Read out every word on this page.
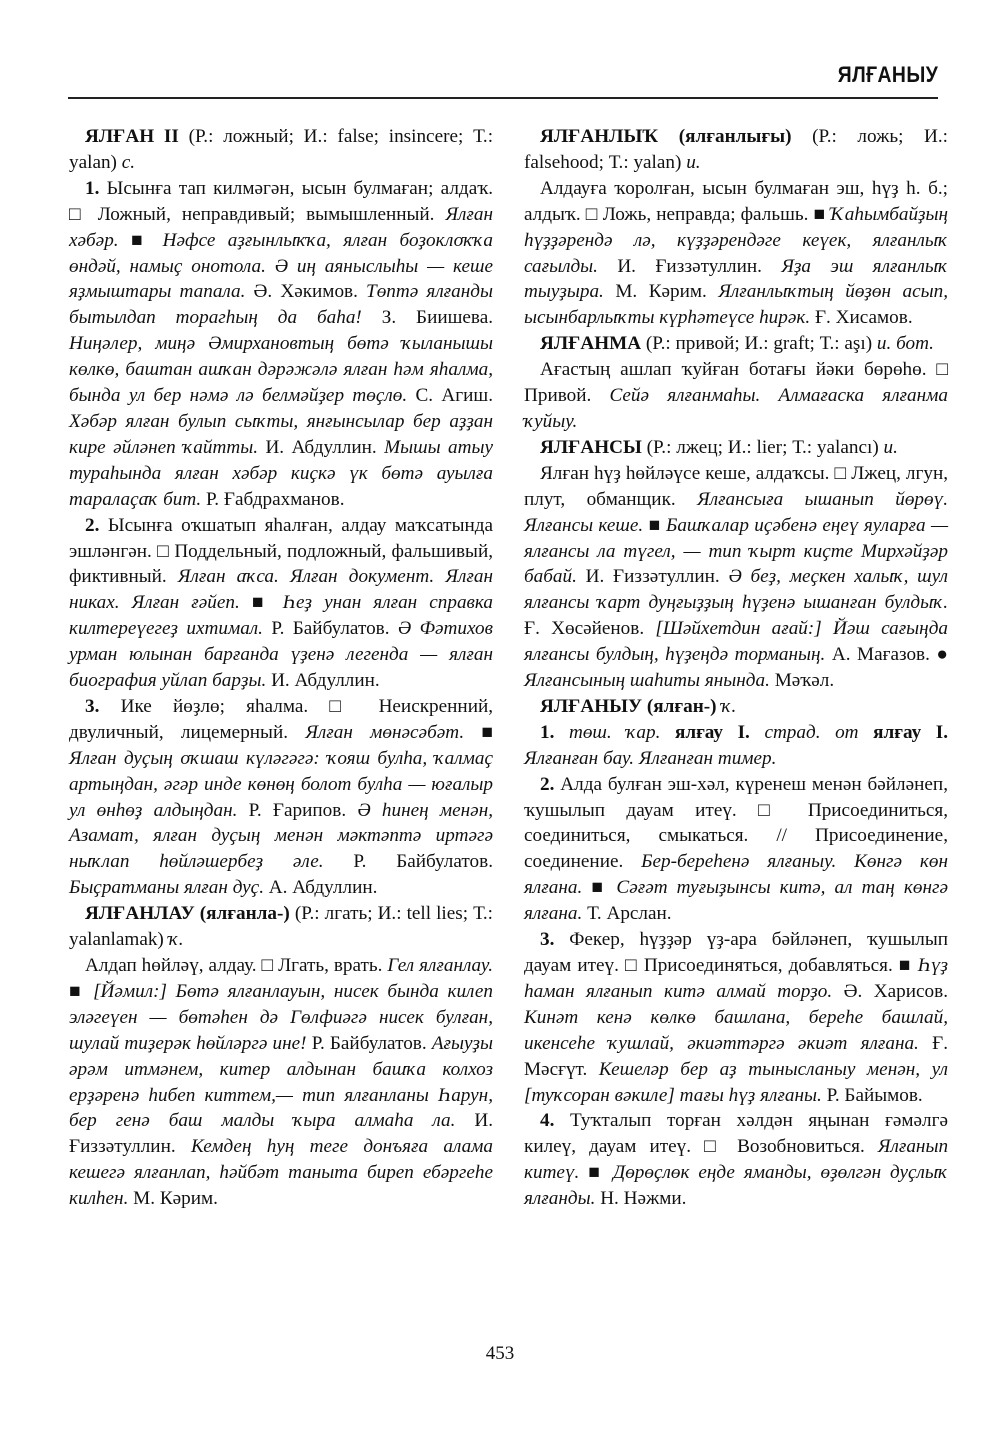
ЯЛҒАНЫУ

ЯЛҒАН II (Р.: ложный; И.: false; insincere; Т.: yalan) с.

1. Ысынға тап килмәгән, ысын булмаған; алдаҡ. □ Ложный, неправдивый; вымышленный. Ялған хәбәр. ■ Нәфсе аҙғынлыҡҡа, ялған боҙоклоҡҡа өндәй, намыҫ онотола. Ә иң аяныслыһы — кеше яҙмыштары тапала. Ә. Хәкимов. Төптә ялғанды бытылдап торагһың да баһа! З. Биишева. Ниңәлер, миңә Әмирхановтың бөтә ҡыланышы көлкө, баштан ашҡан дәрәжәлә ялған һәм яһалма, бында ул бер нәмә лә белмәйҙер төҫлө. С. Агиш. Хәбәр ялған булып сыҡты, янғынсылар бер аҙҙан кире әйләнеп ҡайтты. И. Абдуллин. Мышы атыу тураһында ялған хәбәр киҫкә үк бөтә ауылға таралаҫаҡ бит. Р. Ғабдрахманов.

2. Ысынға оҡшатып яһалған, алдау маҡсатында эшләнгән. □ Поддельный, подложный, фальшивый, фиктивный. Ялған аҡса. Ялған документ. Ялған никах. Ялған ғәйеп. ■ Һеҙ унан ялған справка килтереүегеҙ ихтимал. Р. Байбулатов. Ә Фәтихов урман юлынан барғанда үҙенә легенда — ялған биография уйлап барҙы. И. Абдуллин.

3. Ике йөҙлө; яһалма. □ Неискренний, двуличный, лицемерный. Ялған мөнәсәбәт. ■ Ялған дуҫың оҡшаш күләгәгә: ҡояш булһа, ҡалмаҫ артыңдан, әгәр инде көнөң болот булһа — юғалыр ул өнһөҙ алдыңдан. Р. Ғарипов. Ә һинең менән, Азамат, ялған дуҫың менән мәктәптә иртәгә ныҡлап һөйләшербеҙ әле. Р. Байбулатов. Быҫратманы ялған дуҫ. А. Абдуллин.

ЯЛҒАНЛАУ (ялғанла-) (Р.: лгать; И.: tell lies; Т.: yalanlamak) ҡ.

Алдап һөйләү, алдау. □ Лгать, врать. Гел ялғанлау. ■ [Йәмил:] Бөтә ялғанлауын, нисек бында килеп эләгеүен — бөтәһен дә Гөлфиәгә нисек булған, шулай тиҙерәк һөйләргә ине! Р. Байбулатов. Ағыуҙы әрәм итмәнем, китер алдынан башҡа колхоз ерҙәренә һибеп киттем,— тип ялғанланы Һарун, бер генә баш малды ҡыра алмаһа ла. И. Ғиззәтуллин. Кемдең һуң теге донъяға алама кешегә ялғанлап, һәйбәт таныта биреп ебәргеһе килһен. М. Кәрим.

ЯЛҒАНЛЫҠ (ялғанлығы) (Р.: ложь; И.: falsehood; Т.: yalan) и.

Алдауға ҡоролған, ысын булмаған эш, һүҙ һ. б.; алдыҡ. □ Ложь, неправда; фальшь. ■ Ҡаһымбайҙың һүҙҙәрендә лә, күҙҙәрендәге кеүек, ялғанлыҡ сағылды. И. Ғиззәтуллин. Яҙа эш ялғанлыҡ тыуҙыра. М. Кәрим. Ялғанлыҡтың йөҙөн асып, ысынбарлыҡты күрһәтеүсе һирәк. Ғ. Хисамов.

ЯЛҒАНМА (Р.: привой; И.: graft; Т.: aşı) и. бот.

Ағастың ашлап ҡуйған ботағы йәки бөрөһө. □ Привой. Сейә ялғанмаһы. Алмағаска ялғанма ҡуйыу.

ЯЛҒАНСЫ (Р.: лжец; И.: lier; Т.: yalancı) и.

Ялған һүҙ һөйләүсе кеше, алдаҡсы. □ Лжец, лгун, плут, обманщик. Ялғансыға ышанып йөрөү. Ялғансы кеше. ■ Башҡалар иҫәбенә еңеү яуларға — ялғансы ла түгел, — тип ҡырт киҫте Мирхәйҙәр бабай. И. Ғиззәтуллин. Ә беҙ, меҫкен халыҡ, шул ялғансы ҡарт дуңғыҙҙың һүҙенә ышанған булдыҡ. Ғ. Хөсәйенов. [Шәйхетдин ағай:] Йәш сағыңда ялғансы булдың, һүҙеңдә торманың. А. Мағазов. ● Ялғансының шаһиты янында. Мәҡәл.

ЯЛҒАНЫУ (ялған-) ҡ.

1. төш. ҡар. ялғау I. страд. от ялғау I. Ялғанған бау. Ялғанған тимер.

2. Алда булған эш-хәл, күренеш менән бәйләнеп, ҡушылып дауам итеү. □ Присоединиться, соединиться, смыкаться. // Присоединение, соединение. Бер-береһенә ялғаныу. Көнгә көн ялғана. ■ Сәғәт туғыҙынсы китә, ал таң көнгә ялғана. Т. Арслан.

3. Фекер, һүҙҙәр үҙ-ара бәйләнеп, ҡушылып дауам итеү. □ Присоединяться, добавляться. ■ Һүҙ һаман ялғанып китә алмай торҙо. Ә. Харисов. Кинәт кенә көлкө башлана, береһе башлай, икенсеһе ҡушлай, әкиәттәргә әкиәт ялғана. Ғ. Мәсғүт. Кешеләр бер аҙ тынысланыу менән, ул [туҡсоран вәкиле] тағы һүҙ ялғаны. Р. Байымов.

4. Туҡталып торған хәлдән яңынан ғәмәлгә килеү, дауам итеү. □ Возобновиться. Ялғанып китеү. ■ Дөрөҫлөк еңде яманды, өҙөлгән дуҫлыҡ ялғанды. Н. Нәжми.

453
